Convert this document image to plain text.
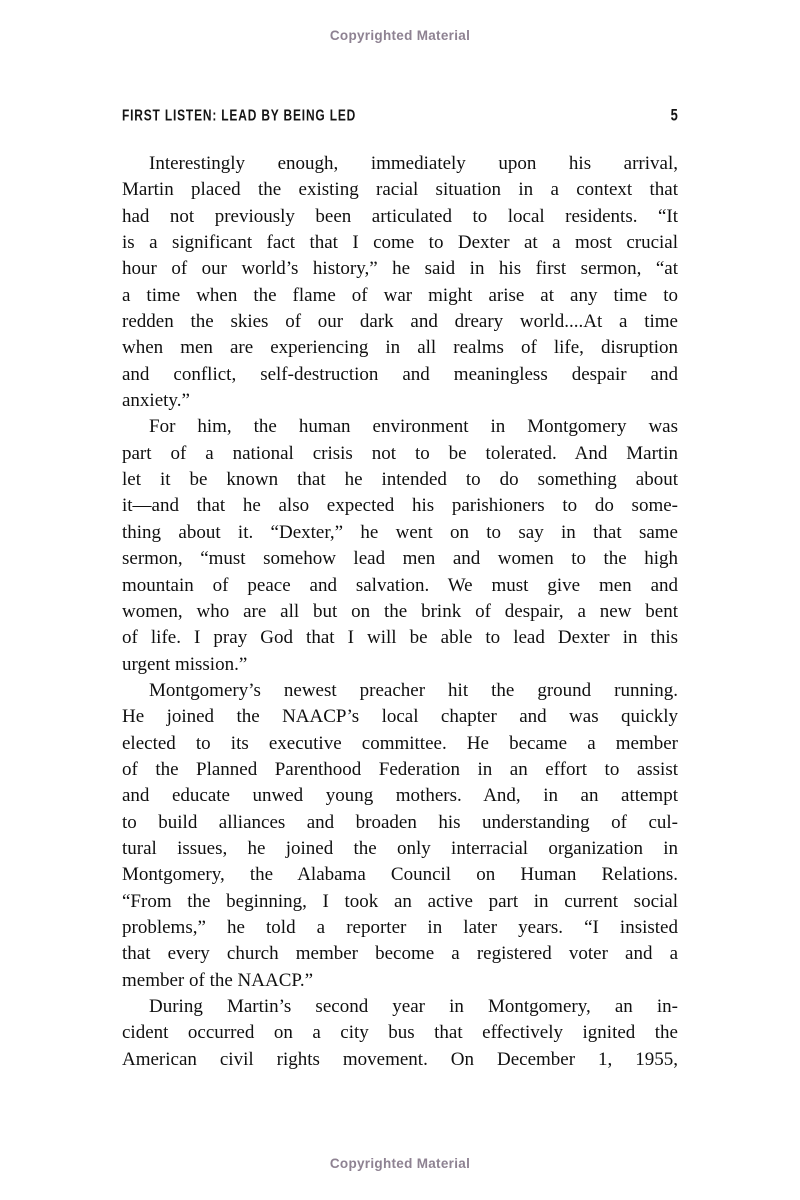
Copyrighted Material
FIRST LISTEN: LEAD BY BEING LED	5
Interestingly enough, immediately upon his arrival,
Martin placed the existing racial situation in a context that
had not previously been articulated to local residents. “It
is a significant fact that I come to Dexter at a most crucial
hour of our world’s history,” he said in his first sermon, “at
a time when the flame of war might arise at any time to
redden the skies of our dark and dreary world....At a time
when men are experiencing in all realms of life, disruption
and conflict, self-destruction and meaningless despair and
anxiety.”
For him, the human environment in Montgomery was
part of a national crisis not to be tolerated. And Martin
let it be known that he intended to do something about
it—and that he also expected his parishioners to do some-
thing about it. “Dexter,” he went on to say in that same
sermon, “must somehow lead men and women to the high
mountain of peace and salvation. We must give men and
women, who are all but on the brink of despair, a new bent
of life. I pray God that I will be able to lead Dexter in this
urgent mission.”
Montgomery’s newest preacher hit the ground running.
He joined the NAACP’s local chapter and was quickly
elected to its executive committee. He became a member
of the Planned Parenthood Federation in an effort to assist
and educate unwed young mothers. And, in an attempt
to build alliances and broaden his understanding of cul-
tural issues, he joined the only interracial organization in
Montgomery, the Alabama Council on Human Relations.
“From the beginning, I took an active part in current social
problems,” he told a reporter in later years. “I insisted
that every church member become a registered voter and a
member of the NAACP.”
During Martin’s second year in Montgomery, an in-
cident occurred on a city bus that effectively ignited the
American civil rights movement. On December 1, 1955,
Copyrighted Material
